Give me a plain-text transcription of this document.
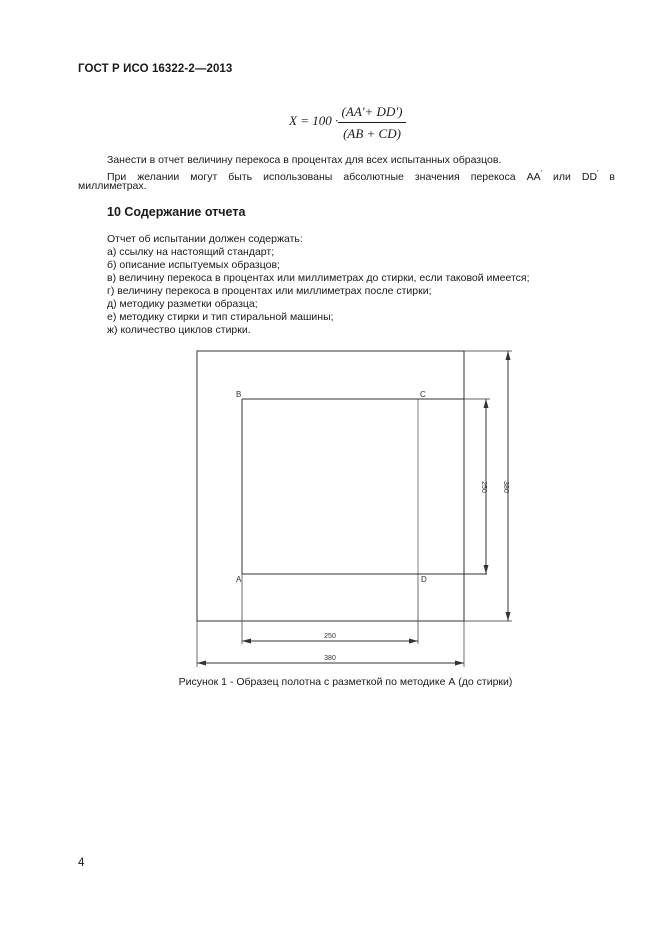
ГОСТ Р ИСО 16322-2—2013
X = 100 ·
(AA'+ DD')
(AB + CD)
Занести в отчет величину перекоса в процентах для всех испытанных образцов.
При желании могут быть использованы абсолютные значения перекоса AA' или DD' в
миллиметрах.
10 Содержание отчета
Отчет об испытании должен содержать:
а) ссылку на настоящий стандарт;
б) описание испытуемых образцов;
в) величину перекоса в процентах или миллиметрах до стирки, если таковой имеется;
г) величину перекоса в процентах или миллиметрах после стирки;
д) методику разметки образца;
е) методику стирки и тип стиральной машины;
ж) количество циклов стирки.
B	C
A	D
250
380
250 380
Рисунок 1 - Образец полотна с разметкой по методике А (до стирки)
4
